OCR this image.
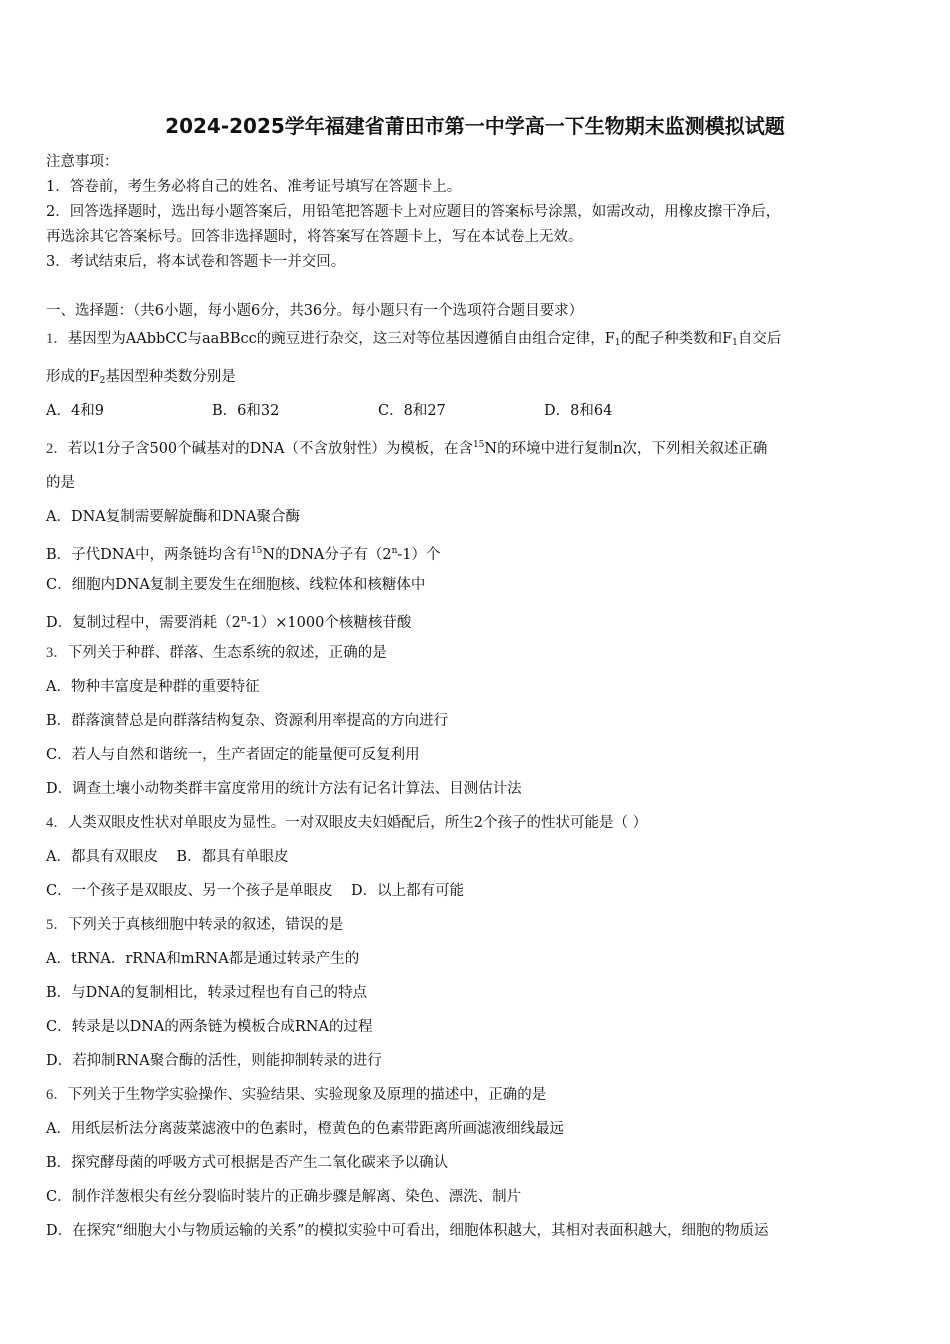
2024-2025学年福建省莆田市第一中学高一下生物期末监测模拟试题
注意事项：
1．答卷前，考生务必将自己的姓名、准考证号填写在答题卡上。
2．回答选择题时，选出每小题答案后，用铅笔把答题卡上对应题目的答案标号涂黑，如需改动，用橡皮擦干净后，
再选涂其它答案标号。回答非选择题时，将答案写在答题卡上，写在本试卷上无效。
3．考试结束后，将本试卷和答题卡一并交回。
一、选择题：（共6小题，每小题6分，共36分。每小题只有一个选项符合题目要求）
1．基因型为AAbbCC与aaBBcc的豌豆进行杂交，这三对等位基因遵循自由组合定律，$F_1$的配子种类数和$F_1$自交后
形成的$F_2$基因型种类数分别是
A．4和9	B．6和32	C．8和27	D．8和64
2．若以1分子含500个碱基对的DNA（不含放射性）为模板，在含$^{15}$N的环境中进行复制n次，下列相关叙述正确
的是
A．DNA复制需要解旋酶和DNA聚合酶
B．子代DNA中，两条链均含有$^{15}$N的DNA分子有（2$^n$-1）个
C．细胞内DNA复制主要发生在细胞核、线粒体和核糖体中
D．复制过程中，需要消耗$(2^n-1)\times 1000$个核糖核苷酸
3．下列关于种群、群落、生态系统的叙述，正确的是
A．物种丰富度是种群的重要特征
B．群落演替总是向群落结构复杂、资源利用率提高的方向进行
C．若人与自然和谐统一，生产者固定的能量便可反复利用
D．调查土壤小动物类群丰富度常用的统计方法有记名计算法、目测估计法
4．人类双眼皮性状对单眼皮为显性。一对双眼皮夫妇婚配后，所生2个孩子的性状可能是（ ）
A．都具有双眼皮    B．都具有单眼皮
C．一个孩子是双眼皮、另一个孩子是单眼皮    D．以上都有可能
5．下列关于真核细胞中转录的叙述，错误的是
A．tRNA．rRNA和mRNA都是通过转录产生的
B．与DNA的复制相比，转录过程也有自己的特点
C．转录是以DNA的两条链为模板合成RNA的过程
D．若抑制RNA聚合酶的活性，则能抑制转录的进行
6．下列关于生物学实验操作、实验结果、实验现象及原理的描述中，正确的是
A．用纸层析法分离菠菜滤液中的色素时，橙黄色的色素带距离所画滤液细线最远
B．探究酵母菌的呼吸方式可根据是否产生二氧化碳来予以确认
C．制作洋葱根尖有丝分裂临时装片的正确步骤是解离、染色、漂洗、制片
D．在探究“细胞大小与物质运输的关系”的模拟实验中可看出，细胞体积越大，其相对表面积越大，细胞的物质运
